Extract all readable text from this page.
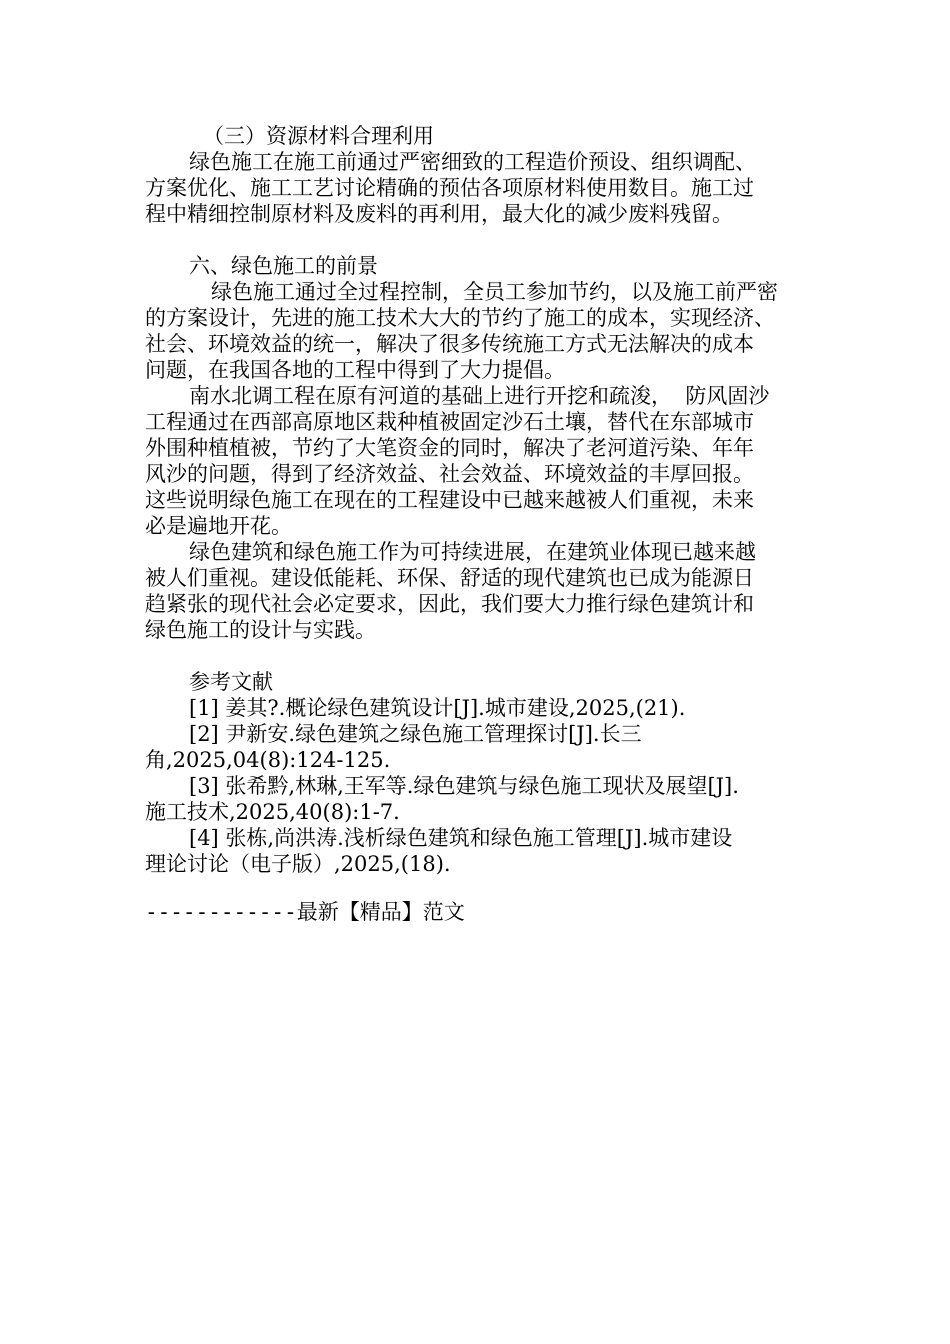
（三）资源材料合理利用
绿色施工在施工前通过严密细致的工程造价预设、组织调配、
方案优化、施工工艺讨论精确的预估各项原材料使用数目。施工过
程中精细控制原材料及废料的再利用，最大化的减少废料残留。
六、绿色施工的前景
绿色施工通过全过程控制，全员工参加节约，以及施工前严密
的方案设计，先进的施工技术大大的节约了施工的成本，实现经济、
社会、环境效益的统一，解决了很多传统施工方式无法解决的成本
问题，在我国各地的工程中得到了大力提倡。
南水北调工程在原有河道的基础上进行开挖和疏浚，  防风固沙
工程通过在西部高原地区栽种植被固定沙石土壤，替代在东部城市
外围种植植被，节约了大笔资金的同时，解决了老河道污染、年年
风沙的问题，得到了经济效益、社会效益、环境效益的丰厚回报。
这些说明绿色施工在现在的工程建设中已越来越被人们重视，未来
必是遍地开花。
绿色建筑和绿色施工作为可持续进展，在建筑业体现已越来越
被人们重视。建设低能耗、环保、舒适的现代建筑也已成为能源日
趋紧张的现代社会必定要求，因此，我们要大力推行绿色建筑计和
绿色施工的设计与实践。
参考文献
[1] 姜其?.概论绿色建筑设计[J].城市建设,2025,(21).
[2] 尹新安.绿色建筑之绿色施工管理探讨[J].长三
角,2025,04(8):124-125.
[3] 张希黔,林琳,王军等.绿色建筑与绿色施工现状及展望[J].
施工技术,2025,40(8):1-7.
[4] 张栋,尚洪涛.浅析绿色建筑和绿色施工管理[J].城市建设
理论讨论（电子版）,2025,(18).
------------最新【精品】范文
